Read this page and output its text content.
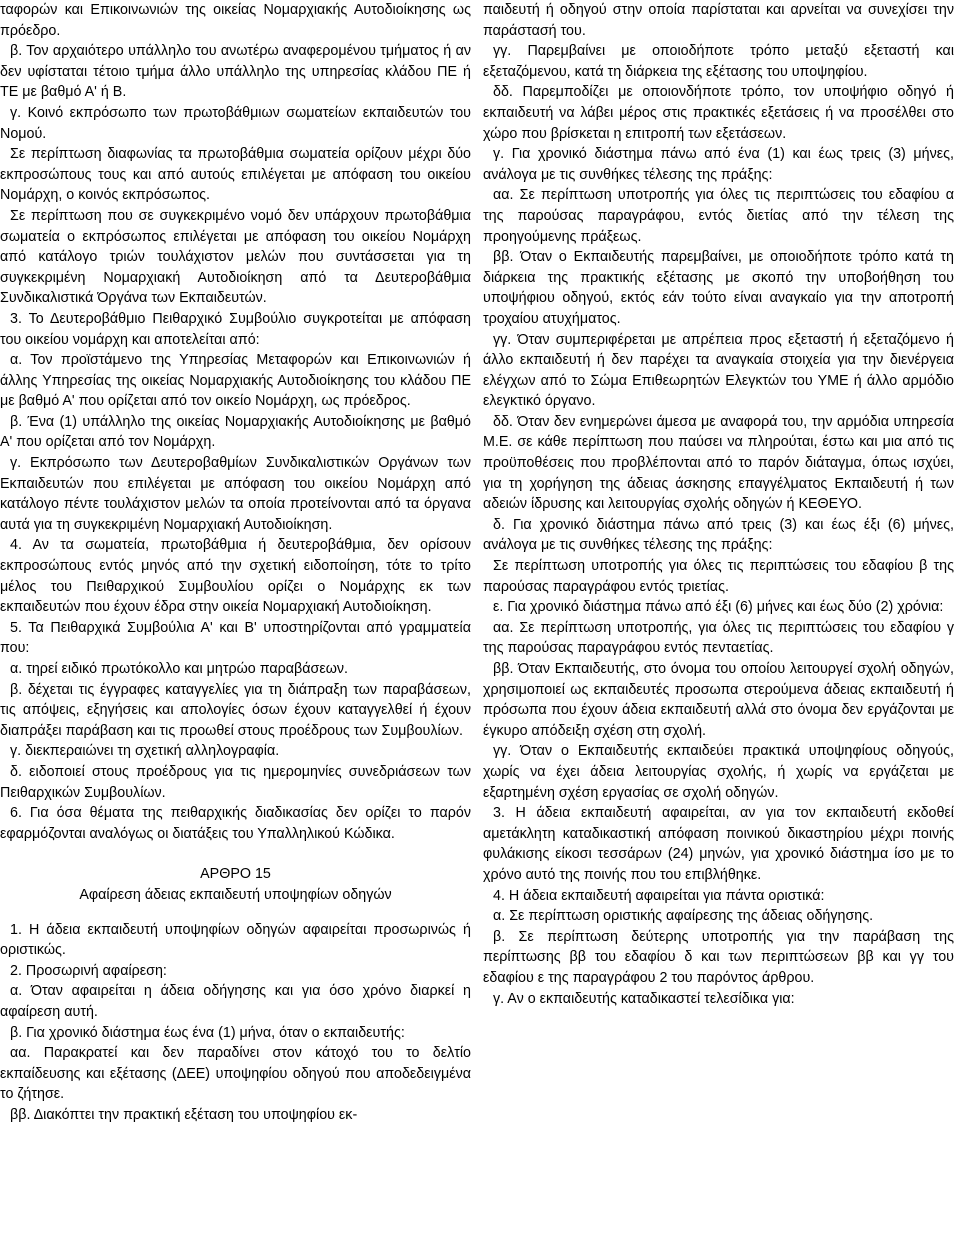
ταφορών και Επικοινωνιών της οικείας Νομαρχιακής Αυτοδιοίκησης ως πρόεδρο.

β. Τον αρχαιότερο υπάλληλο του ανωτέρω αναφερομένου τμήματος ή αν δεν υφίσταται τέτοιο τμήμα άλλο υπάλληλο της υπηρεσίας κλάδου ΠΕ ή ΤΕ με βαθμό Α' ή Β.

γ. Κοινό εκπρόσωπο των πρωτοβάθμιων σωματείων εκπαιδευτών του Νομού.

Σε περίπτωση διαφωνίας τα πρωτοβάθμια σωματεία ορίζουν μέχρι δύο εκπροσώπους τους και από αυτούς επιλέγεται με απόφαση του οικείου Νομάρχη, ο κοινός εκπρόσωπος.

Σε περίπτωση που σε συγκεκριμένο νομό δεν υπάρχουν πρωτοβάθμια σωματεία ο εκπρόσωπος επιλέγεται με απόφαση του οικείου Νομάρχη από κατάλογο τριών τουλάχιστον μελών που συντάσσεται για τη συγκεκριμένη Νομαρχιακή Αυτοδιοίκηση από τα Δευτεροβάθμια Συνδικαλιστικά Όργάνα των Εκπαιδευτών.

3. Το Δευτεροβάθμιο Πειθαρχικό Συμβούλιο συγκροτείται με απόφαση του οικείου νομάρχη και αποτελείται από:

α. Τον προϊστάμενο της Υπηρεσίας Μεταφορών και Επικοινωνιών ή άλλης Υπηρεσίας της οικείας Νομαρχιακής Αυτοδιοίκησης του κλάδου ΠΕ με βαθμό Α' που ορίζεται από τον οικείο Νομάρχη, ως πρόεδρος.

β. Ένα (1) υπάλληλο της οικείας Νομαρχιακής Αυτοδιοίκησης με βαθμό Α' που ορίζεται από τον Νομάρχη.

γ. Εκπρόσωπο των Δευτεροβαθμίων Συνδικαλιστικών Οργάνων των Εκπαιδευτών που επιλέγεται με απόφαση του οικείου Νομάρχη από κατάλογο πέντε τουλάχιστον μελών τα οποία προτείνονται από τα όργανα αυτά για τη συγκεκριμένη Νομαρχιακή Αυτοδιοίκηση.

4. Αν τα σωματεία, πρωτοβάθμια ή δευτεροβάθμια, δεν ορίσουν εκπροσώπους εντός μηνός από την σχετική ειδοποίηση, τότε το τρίτο μέλος του Πειθαρχικού Συμβουλίου ορίζει ο Νομάρχης εκ των εκπαιδευτών που έχουν έδρα στην οικεία Νομαρχιακή Αυτοδιοίκηση.

5. Τα Πειθαρχικά Συμβούλια Α' και Β' υποστηρίζονται από γραμματεία που:

α. τηρεί ειδικό πρωτόκολλο και μητρώο παραβάσεων.

β. δέχεται τις έγγραφες καταγγελίες για τη διάπραξη των παραβάσεων, τις απόψεις, εξηγήσεις και απολογίες όσων έχουν καταγγελθεί ή έχουν διαπράξει παράβαση και τις προωθεί στους προέδρους των Συμβουλίων.

γ. διεκπεραιώνει τη σχετική αλληλογραφία.

δ. ειδοποιεί στους προέδρους για τις ημερομηνίες συνεδριάσεων των Πειθαρχικών Συμβουλίων.

6. Για όσα θέματα της πειθαρχικής διαδικασίας δεν ορίζει το παρόν εφαρμόζονται αναλόγως οι διατάξεις του Υπαλληλικού Κώδικα.

ΑΡΘΡΟ 15

Αφαίρεση άδειας εκπαιδευτή υποψηφίων οδηγών

1. Η άδεια εκπαιδευτή υποψηφίων οδηγών αφαιρείται προσωρινώς ή οριστικώς.

2. Προσωρινή αφαίρεση:

α. Όταν αφαιρείται η άδεια οδήγησης και για όσο χρόνο διαρκεί η αφαίρεση αυτή.

β. Για χρονικό διάστημα έως ένα (1) μήνα, όταν ο εκπαιδευτής:

αα. Παρακρατεί και δεν παραδίνει στον κάτοχό του το δελτίο εκπαίδευσης και εξέτασης (ΔΕΕ) υποψηφίου οδηγού που αποδεδειγμένα το ζήτησε.

ββ. Διακόπτει την πρακτική εξέταση του υποψηφίου εκ-

παιδευτή ή οδηγού στην οποία παρίσταται και αρνείται να συνεχίσει την παράστασή του.

γγ. Παρεμβαίνει με οποιοδήποτε τρόπο μεταξύ εξεταστή και εξεταζόμενου, κατά τη διάρκεια της εξέτασης του υποψηφίου.

δδ. Παρεμποδίζει με οποιονδήποτε τρόπο, τον υποψήφιο οδηγό ή εκπαιδευτή να λάβει μέρος στις πρακτικές εξετάσεις ή να προσέλθει στο χώρο που βρίσκεται η επιτροπή των εξετάσεων.

γ. Για χρονικό διάστημα πάνω από ένα (1) και έως τρεις (3) μήνες, ανάλογα με τις συνθήκες τέλεσης της πράξης:

αα. Σε περίπτωση υποτροπής για όλες τις περιπτώσεις του εδαφίου α της παρούσας παραγράφου, εντός διετίας από την τέλεση της προηγούμενης πράξεως.

ββ. Όταν ο Εκπαιδευτής παρεμβαίνει, με οποιοδήποτε τρόπο κατά τη διάρκεια της πρακτικής εξέτασης με σκοπό την υποβοήθηση του υποψήφιου οδηγού, εκτός εάν τούτο είναι αναγκαίο για την αποτροπή τροχαίου ατυχήματος.

γγ. Όταν συμπεριφέρεται με απρέπεια προς εξεταστή ή εξεταζόμενο ή άλλο εκπαιδευτή ή δεν παρέχει τα αναγκαία στοιχεία για την διενέργεια ελέγχων από το Σώμα Επιθεωρητών Ελεγκτών του ΥΜΕ ή άλλο αρμόδιο ελεγκτικό όργανο.

δδ. Όταν δεν ενημερώνει άμεσα με αναφορά του, την αρμόδια υπηρεσία Μ.Ε. σε κάθε περίπτωση που παύσει να πληρούται, έστω και μια από τις προϋποθέσεις που προβλέπονται από το παρόν διάταγμα, όπως ισχύει, για τη χορήγηση της άδειας άσκησης επαγγέλματος Εκπαιδευτή ή των αδειών ίδρυσης και λειτουργίας σχολής οδηγών ή ΚΕΘΕΥΟ.

δ. Για χρονικό διάστημα πάνω από τρεις (3) και έως έξι (6) μήνες, ανάλογα με τις συνθήκες τέλεσης της πράξης:

Σε περίπτωση υποτροπής για όλες τις περιπτώσεις του εδαφίου β της παρούσας παραγράφου εντός τριετίας.

ε. Για χρονικό διάστημα πάνω από έξι (6) μήνες και έως δύο (2) χρόνια:

αα. Σε περίπτωση υποτροπής, για όλες τις περιπτώσεις του εδαφίου γ της παρούσας παραγράφου εντός πενταετίας.

ββ. Όταν Εκπαιδευτής, στο όνομα του οποίου λειτουργεί σχολή οδηγών, χρησιμοποιεί ως εκπαιδευτές προσωπα στερούμενα άδειας εκπαιδευτή ή πρόσωπα που έχουν άδεια εκπαιδευτή αλλά στο όνομα δεν εργάζονται με έγκυρο απόδειξη σχέση στη σχολή.

γγ. Όταν ο Εκπαιδευτής εκπαιδεύει πρακτικά υποψηφίους οδηγούς, χωρίς να έχει άδεια λειτουργίας σχολής, ή χωρίς να εργάζεται με εξαρτημένη σχέση εργασίας σε σχολή οδηγών.

3. Η άδεια εκπαιδευτή αφαιρείται, αν για τον εκπαιδευτή εκδοθεί αμετάκλητη καταδικαστική απόφαση ποινικού δικαστηρίου μέχρι ποινής φυλάκισης είκοσι τεσσάρων (24) μηνών, για χρονικό διάστημα ίσο με το χρόνο αυτό της ποινής που του επιβλήθηκε.

4. Η άδεια εκπαιδευτή αφαιρείται για πάντα οριστικά:

α. Σε περίπτωση οριστικής αφαίρεσης της άδειας οδήγησης.

β. Σε περίπτωση δεύτερης υποτροπής για την παράβαση της περίπτωσης ββ του εδαφίου δ και των περιπτώσεων ββ και γγ του εδαφίου ε της παραγράφου 2 του παρόντος άρθρου.

γ. Αν ο εκπαιδευτής καταδικαστεί τελεσίδικα για:
